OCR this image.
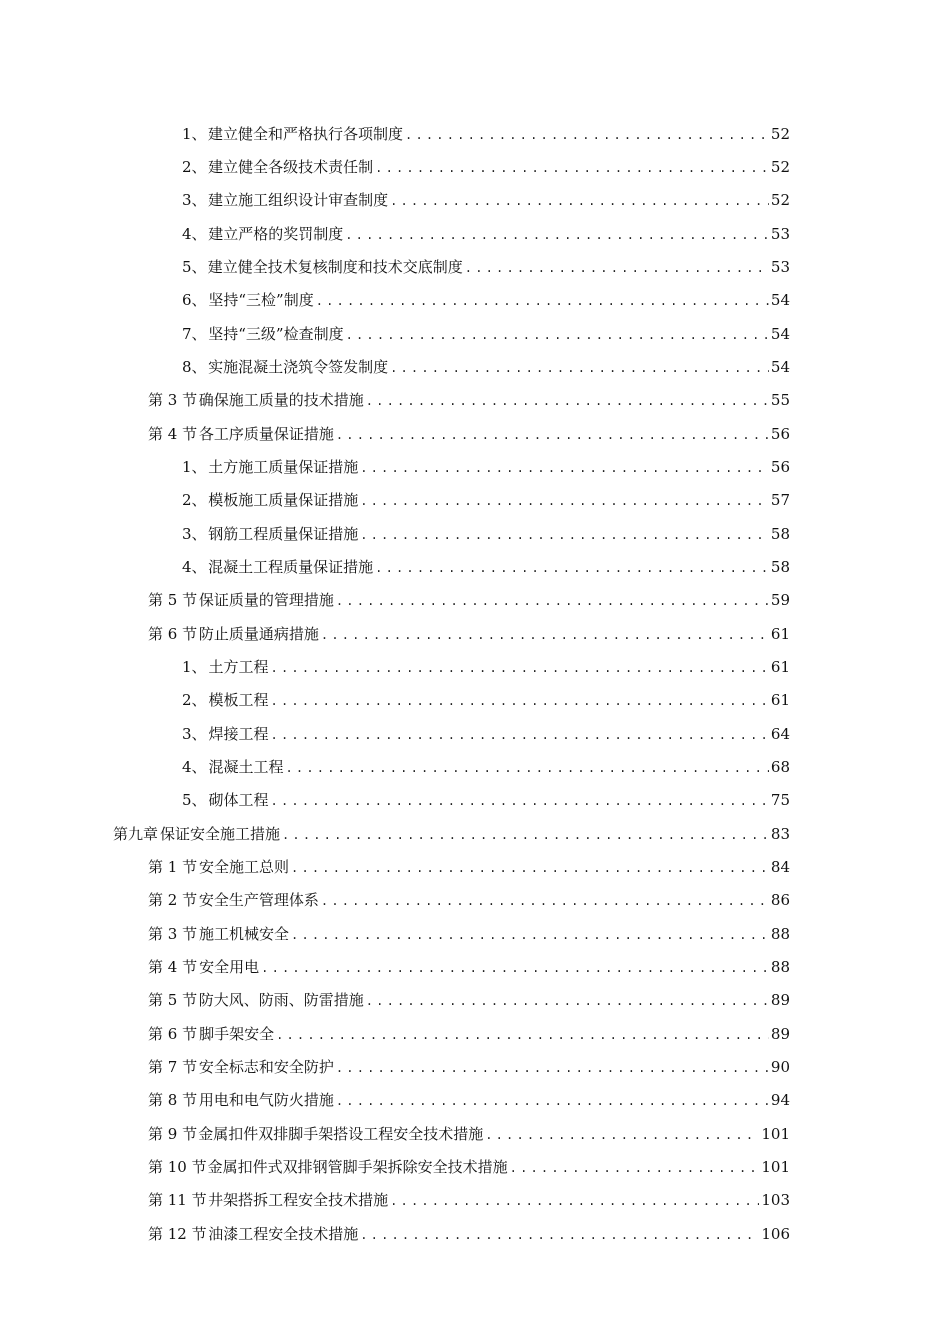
1、 建立健全和严格执行各项制度 .....	52
2、 建立健全各级技术责任制 .....	52
3、 建立施工组织设计审查制度 .....	52
4、 建立严格的奖罚制度 .....	53
5、 建立健全技术复核制度和技术交底制度 .....	53
6、 坚持“三检”制度 .....	54
7、 坚持“三级”检查制度 .....	54
8、 实施混凝土浇筑令签发制度 .....	54
第 3 节 确保施工质量的技术措施 .....	55
第 4 节 各工序质量保证措施 .....	56
1、 土方施工质量保证措施 .....	56
2、 模板施工质量保证措施 .....	57
3、 钢筋工程质量保证措施 .....	58
4、 混凝土工程质量保证措施 .....	58
第 5 节 保证质量的管理措施 .....	59
第 6 节 防止质量通病措施 .....	61
1、 土方工程 .....	61
2、 模板工程 .....	61
3、 焊接工程 .....	64
4、 混凝土工程 .....	68
5、 砌体工程 .....	75
第九章 保证安全施工措施 .....	83
第 1 节 安全施工总则 .....	84
第 2 节 安全生产管理体系 .....	86
第 3 节 施工机械安全 .....	88
第 4 节 安全用电 .....	88
第 5 节 防大风、防雨、防雷措施 .....	89
第 6 节 脚手架安全 .....	89
第 7 节 安全标志和安全防护 .....	90
第 8 节 用电和电气防火措施 .....	94
第 9 节 金属扣件双排脚手架搭设工程安全技术措施 .....	101
第 10 节 金属扣件式双排钢管脚手架拆除安全技术措施 .....	101
第 11 节 井架搭拆工程安全技术措施 .....	103
第 12 节 油漆工程安全技术措施 .....	106
